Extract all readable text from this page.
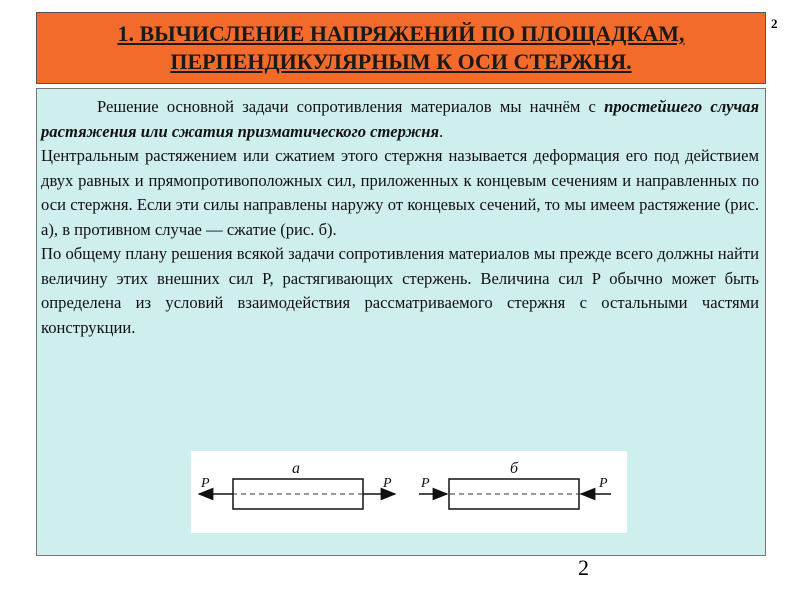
1. ВЫЧИСЛЕНИЕ НАПРЯЖЕНИЙ ПО ПЛОЩАДКАМ,
ПЕРПЕНДИКУЛЯРНЫМ К ОСИ СТЕРЖНЯ.
2

Решение основной задачи сопротивления материалов мы начнём с простейшего случая растяжения или сжатия призматического стержня.

Центральным растяжением или сжатием этого стержня называется деформация его под действием двух равных и прямопротивоположных сил, приложенных к концевым сечениям и направленных по оси стержня. Если эти силы направлены наружу от концевых сечений, то мы имеем растяжение (рис. а), в противном случае — сжатие (рис. б).

По общему плану решения всякой задачи сопротивления материалов мы прежде всего должны найти величину этих внешних сил P, растягивающих стержень. Величина сил P обычно может быть определена из условий взаимодействия рассматриваемого стержня с остальными частями конструкции.

а
P	P
б
P	P
2
